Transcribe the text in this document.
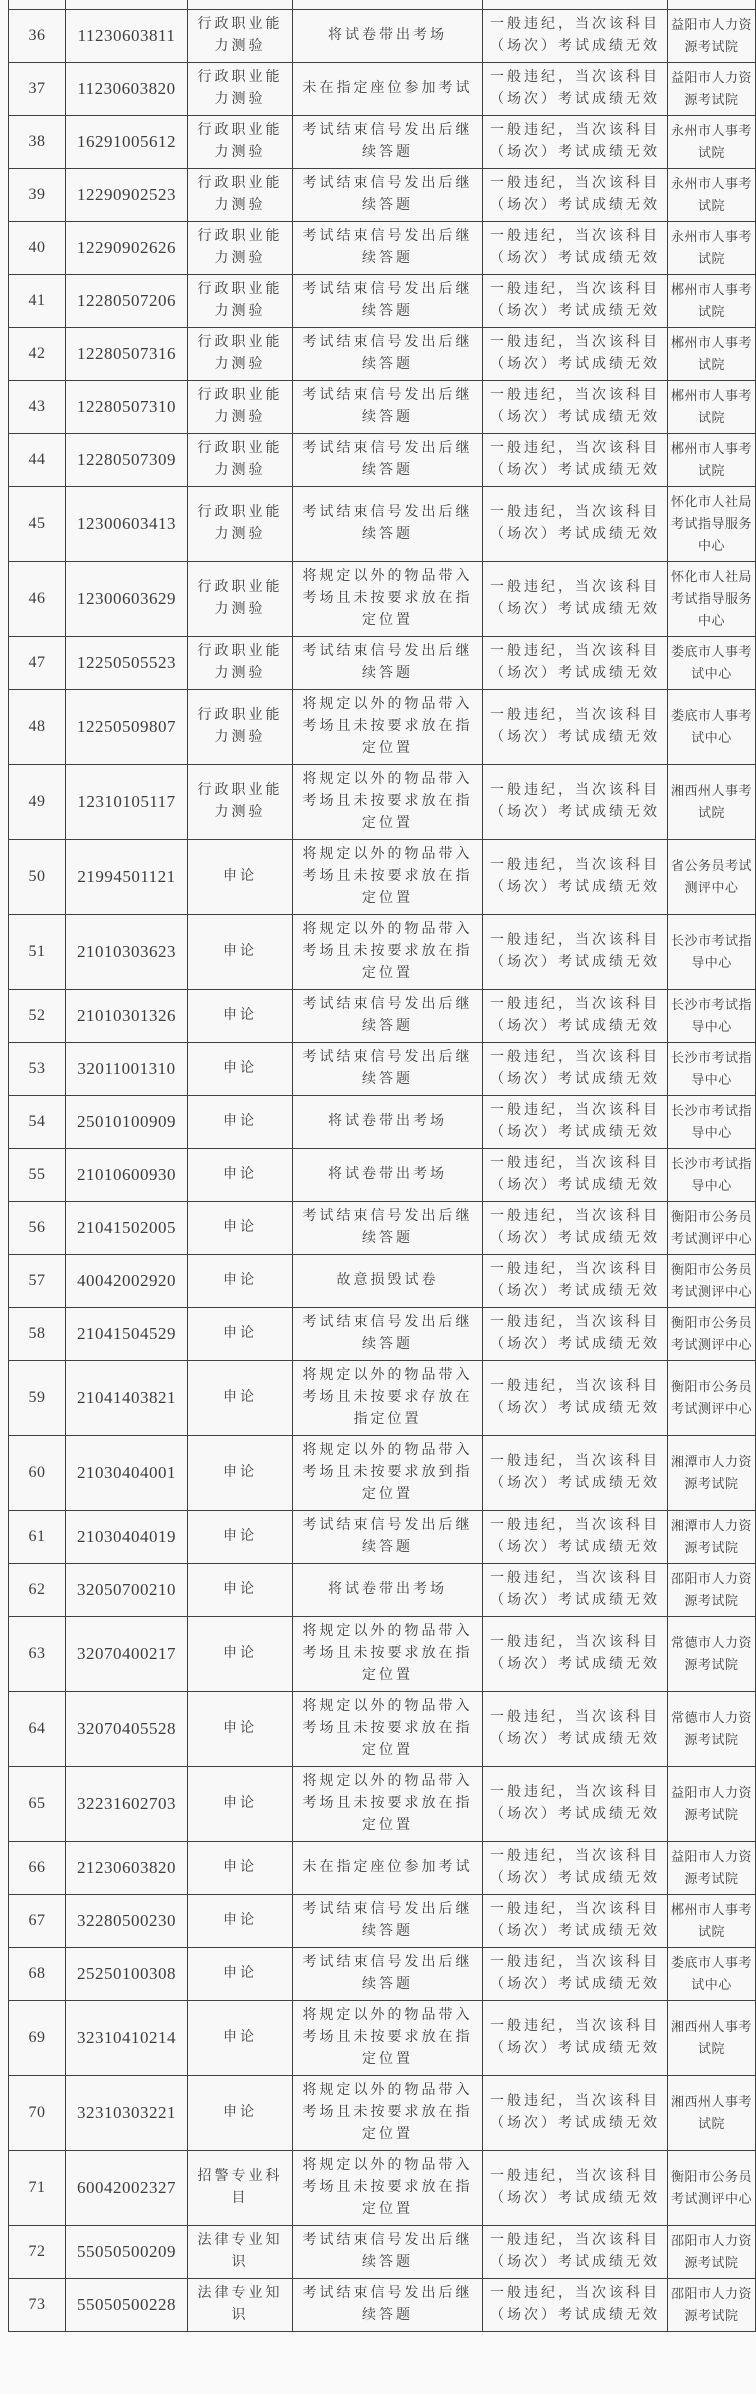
36	11230603811	行政职业能力测验	将试卷带出考场	一般违纪，当次该科目（场次）考试成绩无效	益阳市人力资源考试院
37	11230603820	行政职业能力测验	未在指定座位参加考试	一般违纪，当次该科目（场次）考试成绩无效	益阳市人力资源考试院
38	16291005612	行政职业能力测验	考试结束信号发出后继续答题	一般违纪，当次该科目（场次）考试成绩无效	永州市人事考试院
39	12290902523	行政职业能力测验	考试结束信号发出后继续答题	一般违纪，当次该科目（场次）考试成绩无效	永州市人事考试院
40	12290902626	行政职业能力测验	考试结束信号发出后继续答题	一般违纪，当次该科目（场次）考试成绩无效	永州市人事考试院
41	12280507206	行政职业能力测验	考试结束信号发出后继续答题	一般违纪，当次该科目（场次）考试成绩无效	郴州市人事考试院
42	12280507316	行政职业能力测验	考试结束信号发出后继续答题	一般违纪，当次该科目（场次）考试成绩无效	郴州市人事考试院
43	12280507310	行政职业能力测验	考试结束信号发出后继续答题	一般违纪，当次该科目（场次）考试成绩无效	郴州市人事考试院
44	12280507309	行政职业能力测验	考试结束信号发出后继续答题	一般违纪，当次该科目（场次）考试成绩无效	郴州市人事考试院
45	12300603413	行政职业能力测验	考试结束信号发出后继续答题	一般违纪，当次该科目（场次）考试成绩无效	怀化市人社局考试指导服务中心
46	12300603629	行政职业能力测验	将规定以外的物品带入考场且未按要求放在指定位置	一般违纪，当次该科目（场次）考试成绩无效	怀化市人社局考试指导服务中心
47	12250505523	行政职业能力测验	考试结束信号发出后继续答题	一般违纪，当次该科目（场次）考试成绩无效	娄底市人事考试中心
48	12250509807	行政职业能力测验	将规定以外的物品带入考场且未按要求放在指定位置	一般违纪，当次该科目（场次）考试成绩无效	娄底市人事考试中心
49	12310105117	行政职业能力测验	将规定以外的物品带入考场且未按要求放在指定位置	一般违纪，当次该科目（场次）考试成绩无效	湘西州人事考试院
50	21994501121	申论	将规定以外的物品带入考场且未按要求放在指定位置	一般违纪，当次该科目（场次）考试成绩无效	省公务员考试测评中心
51	21010303623	申论	将规定以外的物品带入考场且未按要求放在指定位置	一般违纪，当次该科目（场次）考试成绩无效	长沙市考试指导中心
52	21010301326	申论	考试结束信号发出后继续答题	一般违纪，当次该科目（场次）考试成绩无效	长沙市考试指导中心
53	32011001310	申论	考试结束信号发出后继续答题	一般违纪，当次该科目（场次）考试成绩无效	长沙市考试指导中心
54	25010100909	申论	将试卷带出考场	一般违纪，当次该科目（场次）考试成绩无效	长沙市考试指导中心
55	21010600930	申论	将试卷带出考场	一般违纪，当次该科目（场次）考试成绩无效	长沙市考试指导中心
56	21041502005	申论	考试结束信号发出后继续答题	一般违纪，当次该科目（场次）考试成绩无效	衡阳市公务员考试测评中心
57	40042002920	申论	故意损毁试卷	一般违纪，当次该科目（场次）考试成绩无效	衡阳市公务员考试测评中心
58	21041504529	申论	考试结束信号发出后继续答题	一般违纪，当次该科目（场次）考试成绩无效	衡阳市公务员考试测评中心
59	21041403821	申论	将规定以外的物品带入考场且未按要求存放在指定位置	一般违纪，当次该科目（场次）考试成绩无效	衡阳市公务员考试测评中心
60	21030404001	申论	将规定以外的物品带入考场且未按要求放到指定位置	一般违纪，当次该科目（场次）考试成绩无效	湘潭市人力资源考试院
61	21030404019	申论	考试结束信号发出后继续答题	一般违纪，当次该科目（场次）考试成绩无效	湘潭市人力资源考试院
62	32050700210	申论	将试卷带出考场	一般违纪，当次该科目（场次）考试成绩无效	邵阳市人力资源考试院
63	32070400217	申论	将规定以外的物品带入考场且未按要求放在指定位置	一般违纪，当次该科目（场次）考试成绩无效	常德市人力资源考试院
64	32070405528	申论	将规定以外的物品带入考场且未按要求放在指定位置	一般违纪，当次该科目（场次）考试成绩无效	常德市人力资源考试院
65	32231602703	申论	将规定以外的物品带入考场且未按要求放在指定位置	一般违纪，当次该科目（场次）考试成绩无效	益阳市人力资源考试院
66	21230603820	申论	未在指定座位参加考试	一般违纪，当次该科目（场次）考试成绩无效	益阳市人力资源考试院
67	32280500230	申论	考试结束信号发出后继续答题	一般违纪，当次该科目（场次）考试成绩无效	郴州市人事考试院
68	25250100308	申论	考试结束信号发出后继续答题	一般违纪，当次该科目（场次）考试成绩无效	娄底市人事考试中心
69	32310410214	申论	将规定以外的物品带入考场且未按要求放在指定位置	一般违纪，当次该科目（场次）考试成绩无效	湘西州人事考试院
70	32310303221	申论	将规定以外的物品带入考场且未按要求放在指定位置	一般违纪，当次该科目（场次）考试成绩无效	湘西州人事考试院
71	60042002327	招警专业科目	将规定以外的物品带入考场且未按要求放在指定位置	一般违纪，当次该科目（场次）考试成绩无效	衡阳市公务员考试测评中心
72	55050500209	法律专业知识	考试结束信号发出后继续答题	一般违纪，当次该科目（场次）考试成绩无效	邵阳市人力资源考试院
73	55050500228	法律专业知识	考试结束信号发出后继续答题	一般违纪，当次该科目（场次）考试成绩无效	邵阳市人力资源考试院
